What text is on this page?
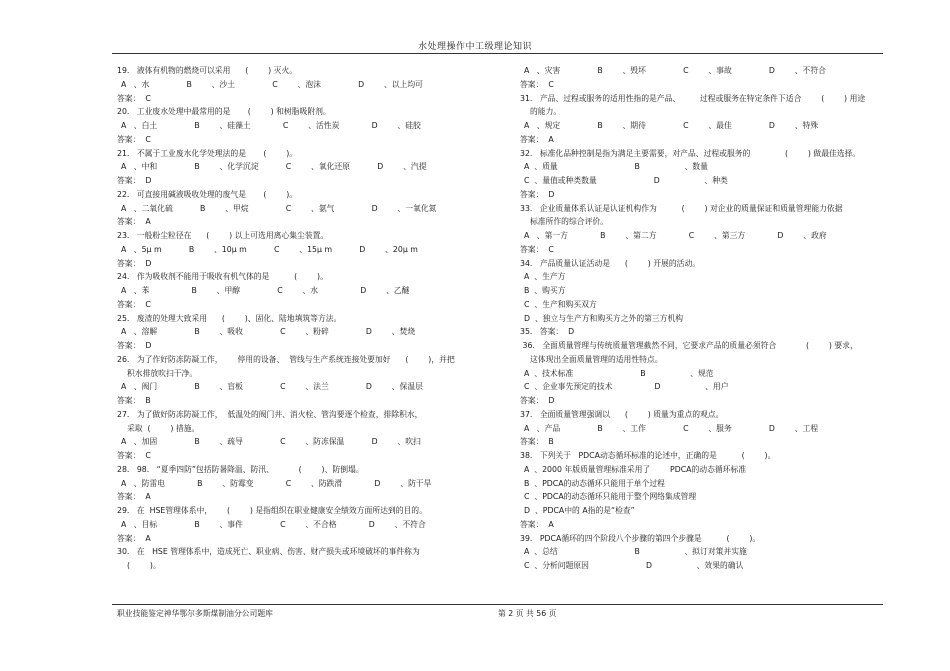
水处理操作中工级理论知识
19.   液体有机物的燃烧可以采用      (        ) 灭火。
A   、水               B        、沙土               C        、泡沫               D        、以上均可
答案：  C
20.   工业废水处理中最常用的是       (        ) 和树脂吸附剂。
A   、白土               B        、硅藻土             C        、活性炭             D        、硅胶
答案：  C
21.   不属于工业废水化学处理法的是       (        )。
A   、中和               B        、化学沉淀           C        、氧化还原           D        、汽提
答案：  D
22.   可直接用碱液吸收处理的废气是       (        )。
A   、二氧化硫           B        、甲烷               C        、氨气               D        、一氧化氮
答案：  A
23.   一般粉尘粒径在      (        ) 以上可选用离心集尘装置。
A   、5μ m           B        、10μ m           C        、15μ m           D        、20μ m
答案：  D
24.   作为吸收剂不能用于吸收有机气体的是          (        )。
A   、苯                 B        、甲醇               C        、水                 D        、乙醚
答案：  C
25.   废渣的处理大致采用      (        )、固化、陆地填筑等方法。
A   、溶解               B        、吸收               C        、粉碎               D        、焚烧
答案：  D
26.   为了作好防冻防凝工作，      停用的设备、  管线与生产系统连接处要加好      (        )，并把
积水排放吹扫干净。
A   、阀门               B        、盲板               C        、法兰               D        、保温层
答案：  B
27.   为了做好防冻防凝工作，  低温处的阀门井、消火栓、管沟要逐个检查，排除积水，
采取  (        ) 措施。
A   、加固               B        、疏导               C        、防冻保温           D        、吹扫
答案：  C
28.   98.   “夏季四防”包括防暑降温、防汛、          (        )、防倒塌。
A   、防雷电             B        、防霉变             C        、防跌滑             D        、防干旱
答案：  A
29.   在  HSE管理体系中，      (        ) 是指组织在职业健康安全绩效方面所达到的目的。
A   、目标               B        、事件               C        、不合格             D        、不符合
答案：  A
30.   在   HSE 管理体系中，造成死亡、职业病、伤害、财产损失或环境破坏的事件称为
(        )。
A   、灾害               B        、毁坏               C        、事故               D        、不符合
答案：  C
31.   产品、过程或服务的适用性指的是产品、        过程或服务在特定条件下适合        (        ) 用途
的能力。
A   、规定               B        、期待               C        、最佳               D        、特殊
答案：  A
32.   标准化品种控制是指为满足主要需要，对产品、过程或服务的              (        ) 做最佳选择。
A  、质量                               B                  、数量
C  、量值或种类数量                       D                  、种类
答案：  D
33.   企业质量体系认证是认证机构作为          (        ) 对企业的质量保证和质量管理能力依据
标准所作的综合评价。
A   、第一方             B        、第二方             C        、第三方             D        、政府
答案：  C
34.   产品质量认证活动是      (        ) 开展的活动。
A  、生产方
B  、购买方
C  、生产和购买双方
D  、独立与生产方和购买方之外的第三方机构
35.   答案：  D
36.   全面质量管理与传统质量管理截然不同，它要求产品的质量必须符合            (        ) 要求，
这体现出全面质量管理的适用性特点。
A  、技术标准                           B                  、规范
C  、企业事先预定的技术                 D                  、用户
答案：  D
37.   全面质量管理强调以      (        ) 质量为重点的观点。
A   、产品               B        、工作               C        、服务               D        、工程
答案：  B
38.   下列关于   PDCA动态循环标准的论述中，正确的是          (        )。
A  、2000 年版质量管理标准采用了        PDCA的动态循环标准
B  、PDCA的动态循环只能用于单个过程
C  、PDCA的动态循环只能用于整个网络集成管理
D  、PDCA中的 A指的是“检查”
答案：  A
39.   PDCA循环的四个阶段八个步骤的第四个步骤是          (        )。
A  、总结                               B                  、拟订对策并实施
C  、分析问题原因                       D                  、效果的确认
职业技能鉴定神华鄂尔多斯煤制油分公司题库	第 2 页 共 56 页
